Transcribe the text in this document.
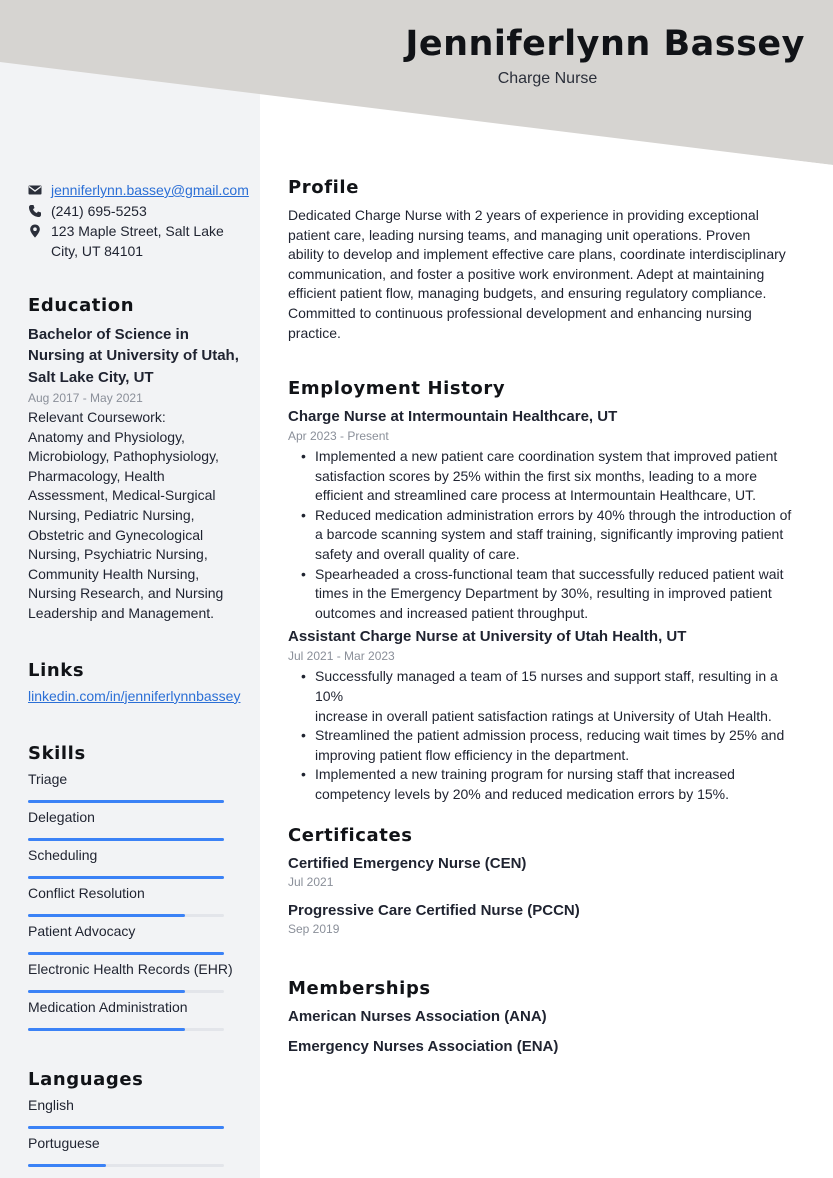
Jenniferlynn Bassey
Charge Nurse
jenniferlynn.bassey@gmail.com
(241) 695-5253
123 Maple Street, Salt Lake
City, UT 84101
Education
Bachelor of Science in
Nursing at University of Utah,
Salt Lake City, UT
Aug 2017 - May 2021
Relevant Coursework:
Anatomy and Physiology,
Microbiology, Pathophysiology,
Pharmacology, Health
Assessment, Medical-Surgical
Nursing, Pediatric Nursing,
Obstetric and Gynecological
Nursing, Psychiatric Nursing,
Community Health Nursing,
Nursing Research, and Nursing
Leadership and Management.
Links
linkedin.com/in/jenniferlynnbassey
Skills
Triage
Delegation
Scheduling
Conflict Resolution
Patient Advocacy
Electronic Health Records (EHR)
Medication Administration
Languages
English
Portuguese
Profile
Dedicated Charge Nurse with 2 years of experience in providing exceptional
patient care, leading nursing teams, and managing unit operations. Proven
ability to develop and implement effective care plans, coordinate interdisciplinary
communication, and foster a positive work environment. Adept at maintaining
efficient patient flow, managing budgets, and ensuring regulatory compliance.
Committed to continuous professional development and enhancing nursing
practice.
Employment History
Charge Nurse at Intermountain Healthcare, UT
Apr 2023 - Present
• Implemented a new patient care coordination system that improved patient
satisfaction scores by 25% within the first six months, leading to a more
efficient and streamlined care process at Intermountain Healthcare, UT.
• Reduced medication administration errors by 40% through the introduction of
a barcode scanning system and staff training, significantly improving patient
safety and overall quality of care.
• Spearheaded a cross-functional team that successfully reduced patient wait
times in the Emergency Department by 30%, resulting in improved patient
outcomes and increased patient throughput.
Assistant Charge Nurse at University of Utah Health, UT
Jul 2021 - Mar 2023
• Successfully managed a team of 15 nurses and support staff, resulting in a 10%
increase in overall patient satisfaction ratings at University of Utah Health.
• Streamlined the patient admission process, reducing wait times by 25% and
improving patient flow efficiency in the department.
• Implemented a new training program for nursing staff that increased
competency levels by 20% and reduced medication errors by 15%.
Certificates
Certified Emergency Nurse (CEN)
Jul 2021
Progressive Care Certified Nurse (PCCN)
Sep 2019
Memberships
American Nurses Association (ANA)
Emergency Nurses Association (ENA)
